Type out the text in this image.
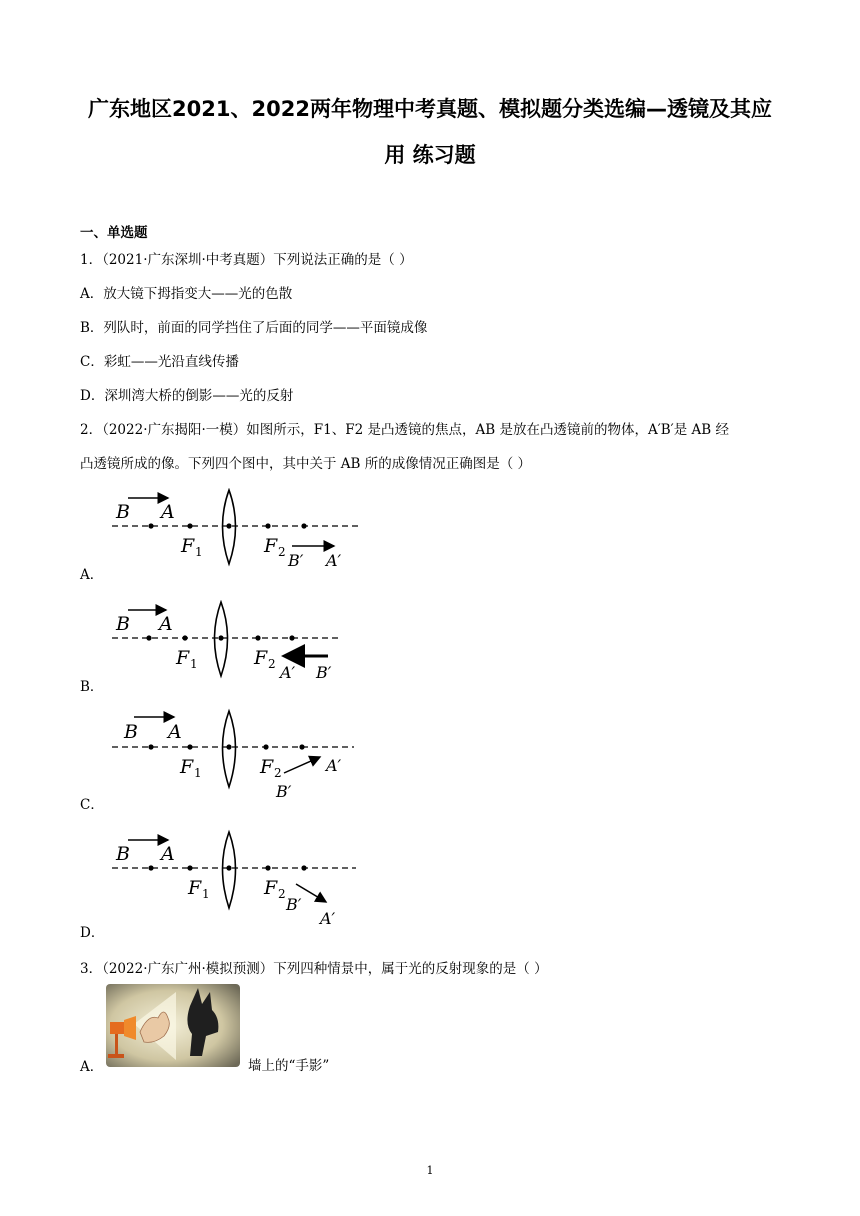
广东地区2021、2022两年物理中考真题、模拟题分类选编—透镜及其应
用 练习题
一、单选题
1．（2021·广东深圳·中考真题）下列说法正确的是（ ）
A．放大镜下拇指变大——光的色散
B．列队时，前面的同学挡住了后面的同学——平面镜成像
C．彩虹——光沿直线传播
D．深圳湾大桥的倒影——光的反射
2．（2022·广东揭阳·一模）如图所示，F1、F2 是凸透镜的焦点，AB 是放在凸透镜前的物体，A′B′是 AB 经
凸透镜所成的像。下列四个图中，其中关于 AB 所的成像情况正确图是（ ）
B A
F 1	F 2 B′ A′
A．
B A
F 1	F 2 A′ B′
B．
B A
F 1	F 2	A′
B′
C．
B A
F 1	F 2
B′
A′
D．
3．（2022·广东广州·模拟预测）下列四种情景中，属于光的反射现象的是（ ）
A．	墙上的“手影”
1
